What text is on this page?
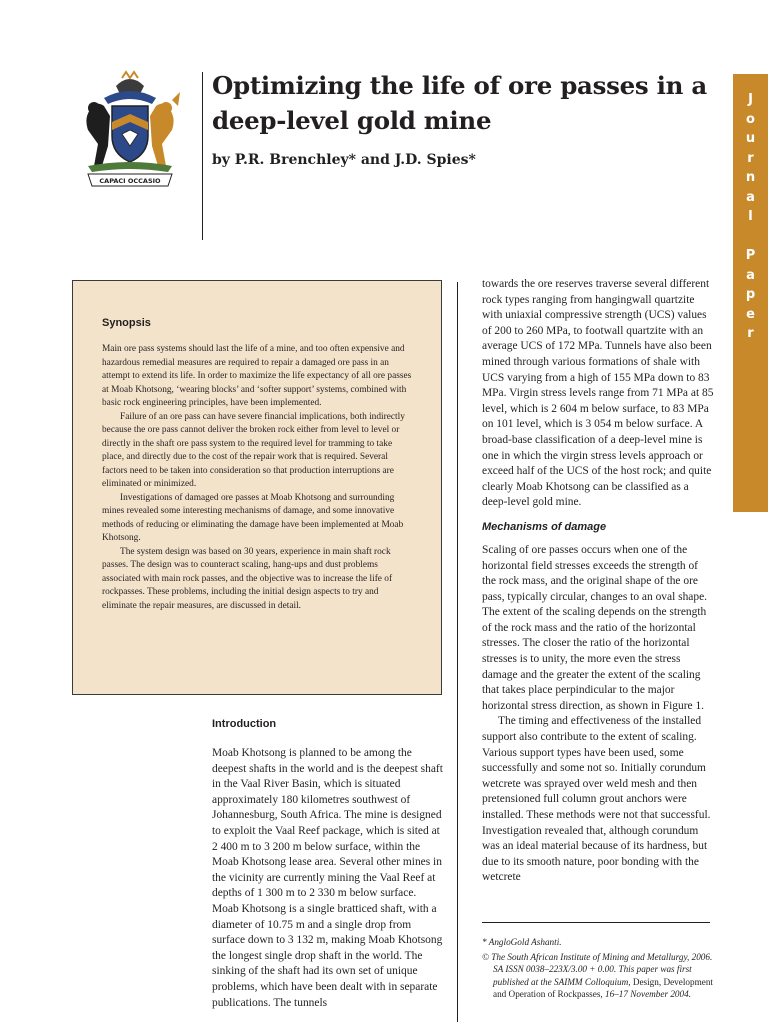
CAPACI OCCASIO
Optimizing the life of ore passes in a deep-level gold mine

by P.R. Brenchley* and J.D. Spies*

J
o
u
r
n
a
l
P
a
p
e
r
Synopsis

Main ore pass systems should last the life of a mine, and too often expensive and hazardous remedial measures are required to repair a damaged ore pass in an attempt to extend its life. In order to maximize the life expectancy of all ore passes at Moab Khotsong, ‘wearing blocks’ and ‘softer support’ systems, combined with basic rock engineering principles, have been implemented.

Failure of an ore pass can have severe financial implications, both indirectly because the ore pass cannot deliver the broken rock either from level to level or directly in the shaft ore pass system to the required level for tramming to take place, and directly due to the cost of the repair work that is required. Several factors need to be taken into consideration so that production interruptions are eliminated or minimized.

Investigations of damaged ore passes at Moab Khotsong and surrounding mines revealed some interesting mechanisms of damage, and some innovative methods of reducing or eliminating the damage have been implemented at Moab Khotsong.

The system design was based on 30 years, experience in main shaft rock passes. The design was to counteract scaling, hang-ups and dust problems associated with main rock passes, and the objective was to increase the life of rockpasses. These problems, including the initial design aspects to try and eliminate the repair measures, are discussed in detail.

Introduction

Moab Khotsong is planned to be among the deepest shafts in the world and is the deepest shaft in the Vaal River Basin, which is situated approximately 180 kilometres southwest of Johannesburg, South Africa. The mine is designed to exploit the Vaal Reef package, which is sited at 2 400 m to 3 200 m below surface, within the Moab Khotsong lease area. Several other mines in the vicinity are currently mining the Vaal Reef at depths of 1 300 m to 2 330 m below surface. Moab Khotsong is a single bratticed shaft, with a diameter of 10.75 m and a single drop from surface down to 3 132 m, making Moab Khotsong the longest single drop shaft in the world. The sinking of the shaft had its own set of unique problems, which have been dealt with in separate publications. The tunnels

towards the ore reserves traverse several different rock types ranging from hangingwall quartzite with uniaxial compressive strength (UCS) values of 200 to 260 MPa, to footwall quartzite with an average UCS of 172 MPa. Tunnels have also been mined through various formations of shale with UCS varying from a high of 155 MPa down to 83 MPa. Virgin stress levels range from 71 MPa at 85 level, which is 2 604 m below surface, to 83 MPa on 101 level, which is 3 054 m below surface. A broad-base classification of a deep-level mine is one in which the virgin stress levels approach or exceed half of the UCS of the host rock; and quite clearly Moab Khotsong can be classified as a deep-level gold mine.

Mechanisms of damage

Scaling of ore passes occurs when one of the horizontal field stresses exceeds the strength of the rock mass, and the original shape of the ore pass, typically circular, changes to an oval shape. The extent of the scaling depends on the strength of the rock mass and the ratio of the horizontal stresses. The closer the ratio of the horizontal stresses is to unity, the more even the stress damage and the greater the extent of the scaling that takes place perpindicular to the major horizontal stress direction, as shown in Figure 1.

The timing and effectiveness of the installed support also contribute to the extent of scaling. Various support types have been used, some successfully and some not so. Initially corundum wetcrete was sprayed over weld mesh and then pretensioned full column grout anchors were installed. These methods were not that successful. Investigation revealed that, although corundum was an ideal material because of its hardness, but due to its smooth nature, poor bonding with the wetcrete

* AngloGold Ashanti.

© The South African Institute of Mining and Metallurgy, 2006. SA ISSN 0038–223X/3.00 + 0.00. This paper was first published at the SAIMM Colloquium, Design, Development and Operation of Rockpasses, 16–17 November 2004.
